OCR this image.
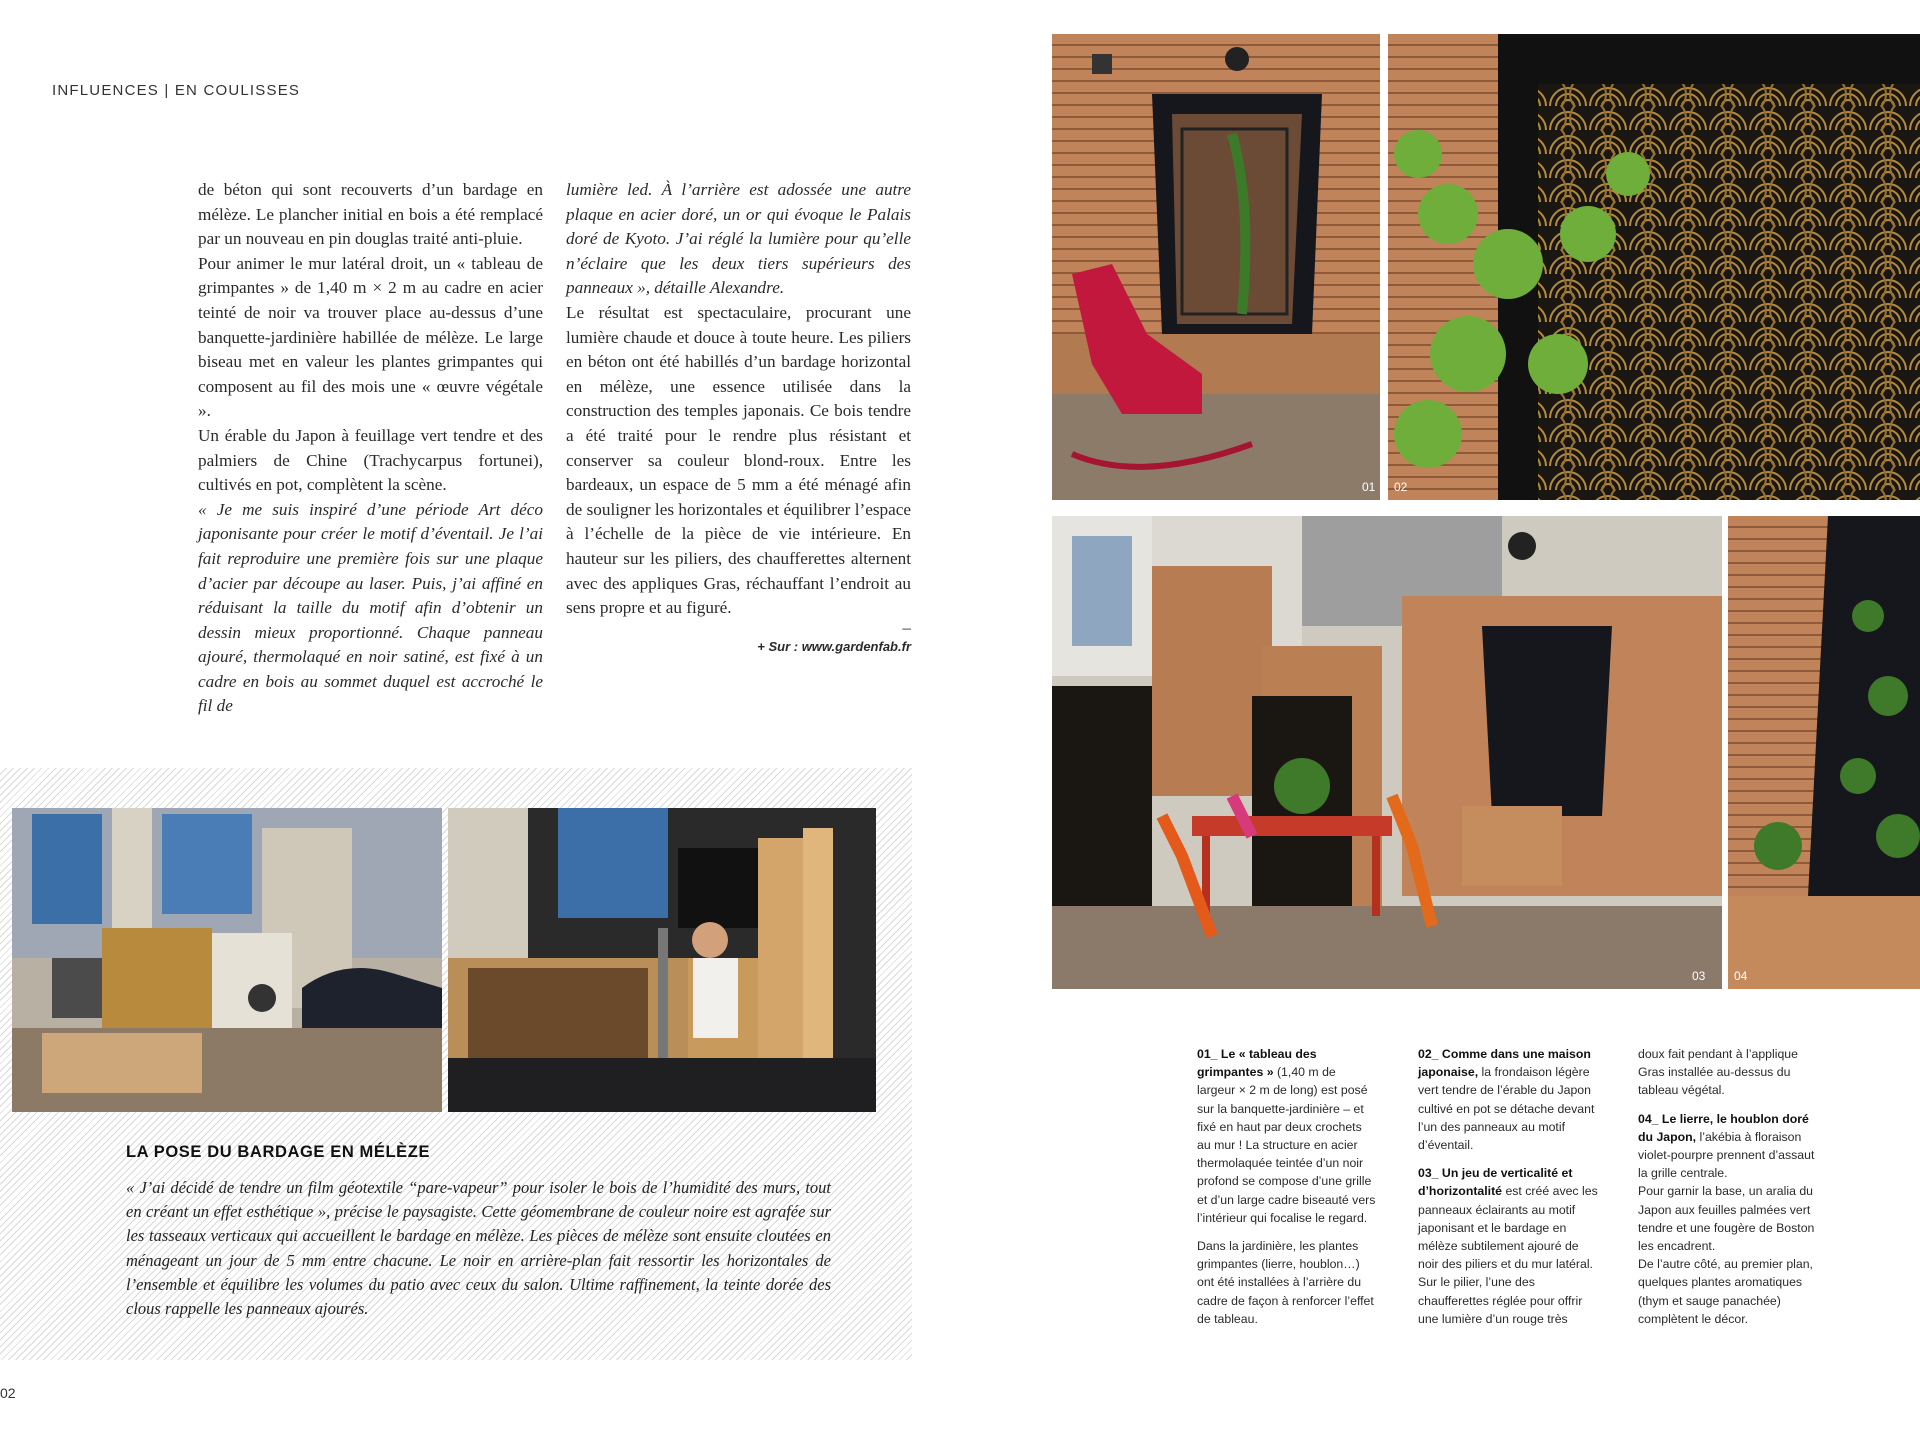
INFLUENCES | EN COULISSES

de béton qui sont recouverts d’un bardage en mélèze. Le plancher initial en bois a été remplacé par un nouveau en pin douglas traité anti-pluie.

Pour animer le mur latéral droit, un « tableau de grimpantes » de 1,40 m × 2 m au cadre en acier teinté de noir va trouver place au-dessus d’une banquette-jardinière habillée de mélèze. Le large biseau met en valeur les plantes grimpantes qui composent au fil des mois une « œuvre végétale ».

Un érable du Japon à feuillage vert tendre et des palmiers de Chine (Trachycarpus fortunei), cultivés en pot, complètent la scène.

« Je me suis inspiré d’une période Art déco japonisante pour créer le motif d’éventail. Je l’ai fait reproduire une première fois sur une plaque d’acier par découpe au laser. Puis, j’ai affiné en réduisant la taille du motif afin d’obtenir un dessin mieux proportionné. Chaque panneau ajouré, thermolaqué en noir satiné, est fixé à un cadre en bois au sommet duquel est accroché le fil de

lumière led. À l’arrière est adossée une autre plaque en acier doré, un or qui évoque le Palais doré de Kyoto. J’ai réglé la lumière pour qu’elle n’éclaire que les deux tiers supérieurs des panneaux », détaille Alexandre.

Le résultat est spectaculaire, procurant une lumière chaude et douce à toute heure. Les piliers en béton ont été habillés d’un bardage horizontal en mélèze, une essence utilisée dans la construction des temples japonais. Ce bois tendre a été traité pour le rendre plus résistant et conserver sa couleur blond-roux. Entre les bardeaux, un espace de 5 mm a été ménagé afin de souligner les horizontales et équilibrer l’espace à l’échelle de la pièce de vie intérieure. En hauteur sur les piliers, des chaufferettes alternent avec des appliques Gras, réchauffant l’endroit au sens propre et au figuré.

–

+ Sur : www.gardenfab.fr

LA POSE DU BARDAGE EN MÉLÈZE
« J’ai décidé de tendre un film géotextile “pare-vapeur” pour isoler le bois de l’humidité des murs, tout en créant un effet esthétique », précise le paysagiste. Cette géomembrane de couleur noire est agrafée sur les tasseaux verticaux qui accueillent le bardage en mélèze. Les pièces de mélèze sont ensuite cloutées en ménageant un jour de 5 mm entre chacune. Le noir en arrière-plan fait ressortir les horizontales de l’ensemble et équilibre les volumes du patio avec ceux du salon. Ultime raffinement, la teinte dorée des clous rappelle les panneaux ajourés.
01 02
03 04
01_ Le « tableau des grimpantes » (1,40 m de largeur × 2 m de long) est posé sur la banquette-jardinière – et fixé en haut par deux crochets au mur ! La structure en acier thermolaquée teintée d’un noir profond se compose d’une grille et d’un large cadre biseauté vers l’intérieur qui focalise le regard.
Dans la jardinière, les plantes grimpantes (lierre, houblon…) ont été installées à l’arrière du cadre de façon à renforcer l’effet de tableau.
02_ Comme dans une maison japonaise, la frondaison légère vert tendre de l’érable du Japon cultivé en pot se détache devant l’un des panneaux au motif d’éventail.
03_ Un jeu de verticalité et d’horizontalité est créé avec les panneaux éclairants au motif japonisant et le bardage en mélèze subtilement ajouré de noir des piliers et du mur latéral. Sur le pilier, l’une des chaufferettes réglée pour offrir une lumière d’un rouge très
doux fait pendant à l’applique Gras installée au-dessus du tableau végétal.
04_ Le lierre, le houblon doré du Japon, l’akébia à floraison violet-pourpre prennent d’assaut la grille centrale.
Pour garnir la base, un aralia du Japon aux feuilles palmées vert tendre et une fougère de Boston les encadrent.
De l’autre côté, au premier plan, quelques plantes aromatiques (thym et sauge panachée) complètent le décor.
02
